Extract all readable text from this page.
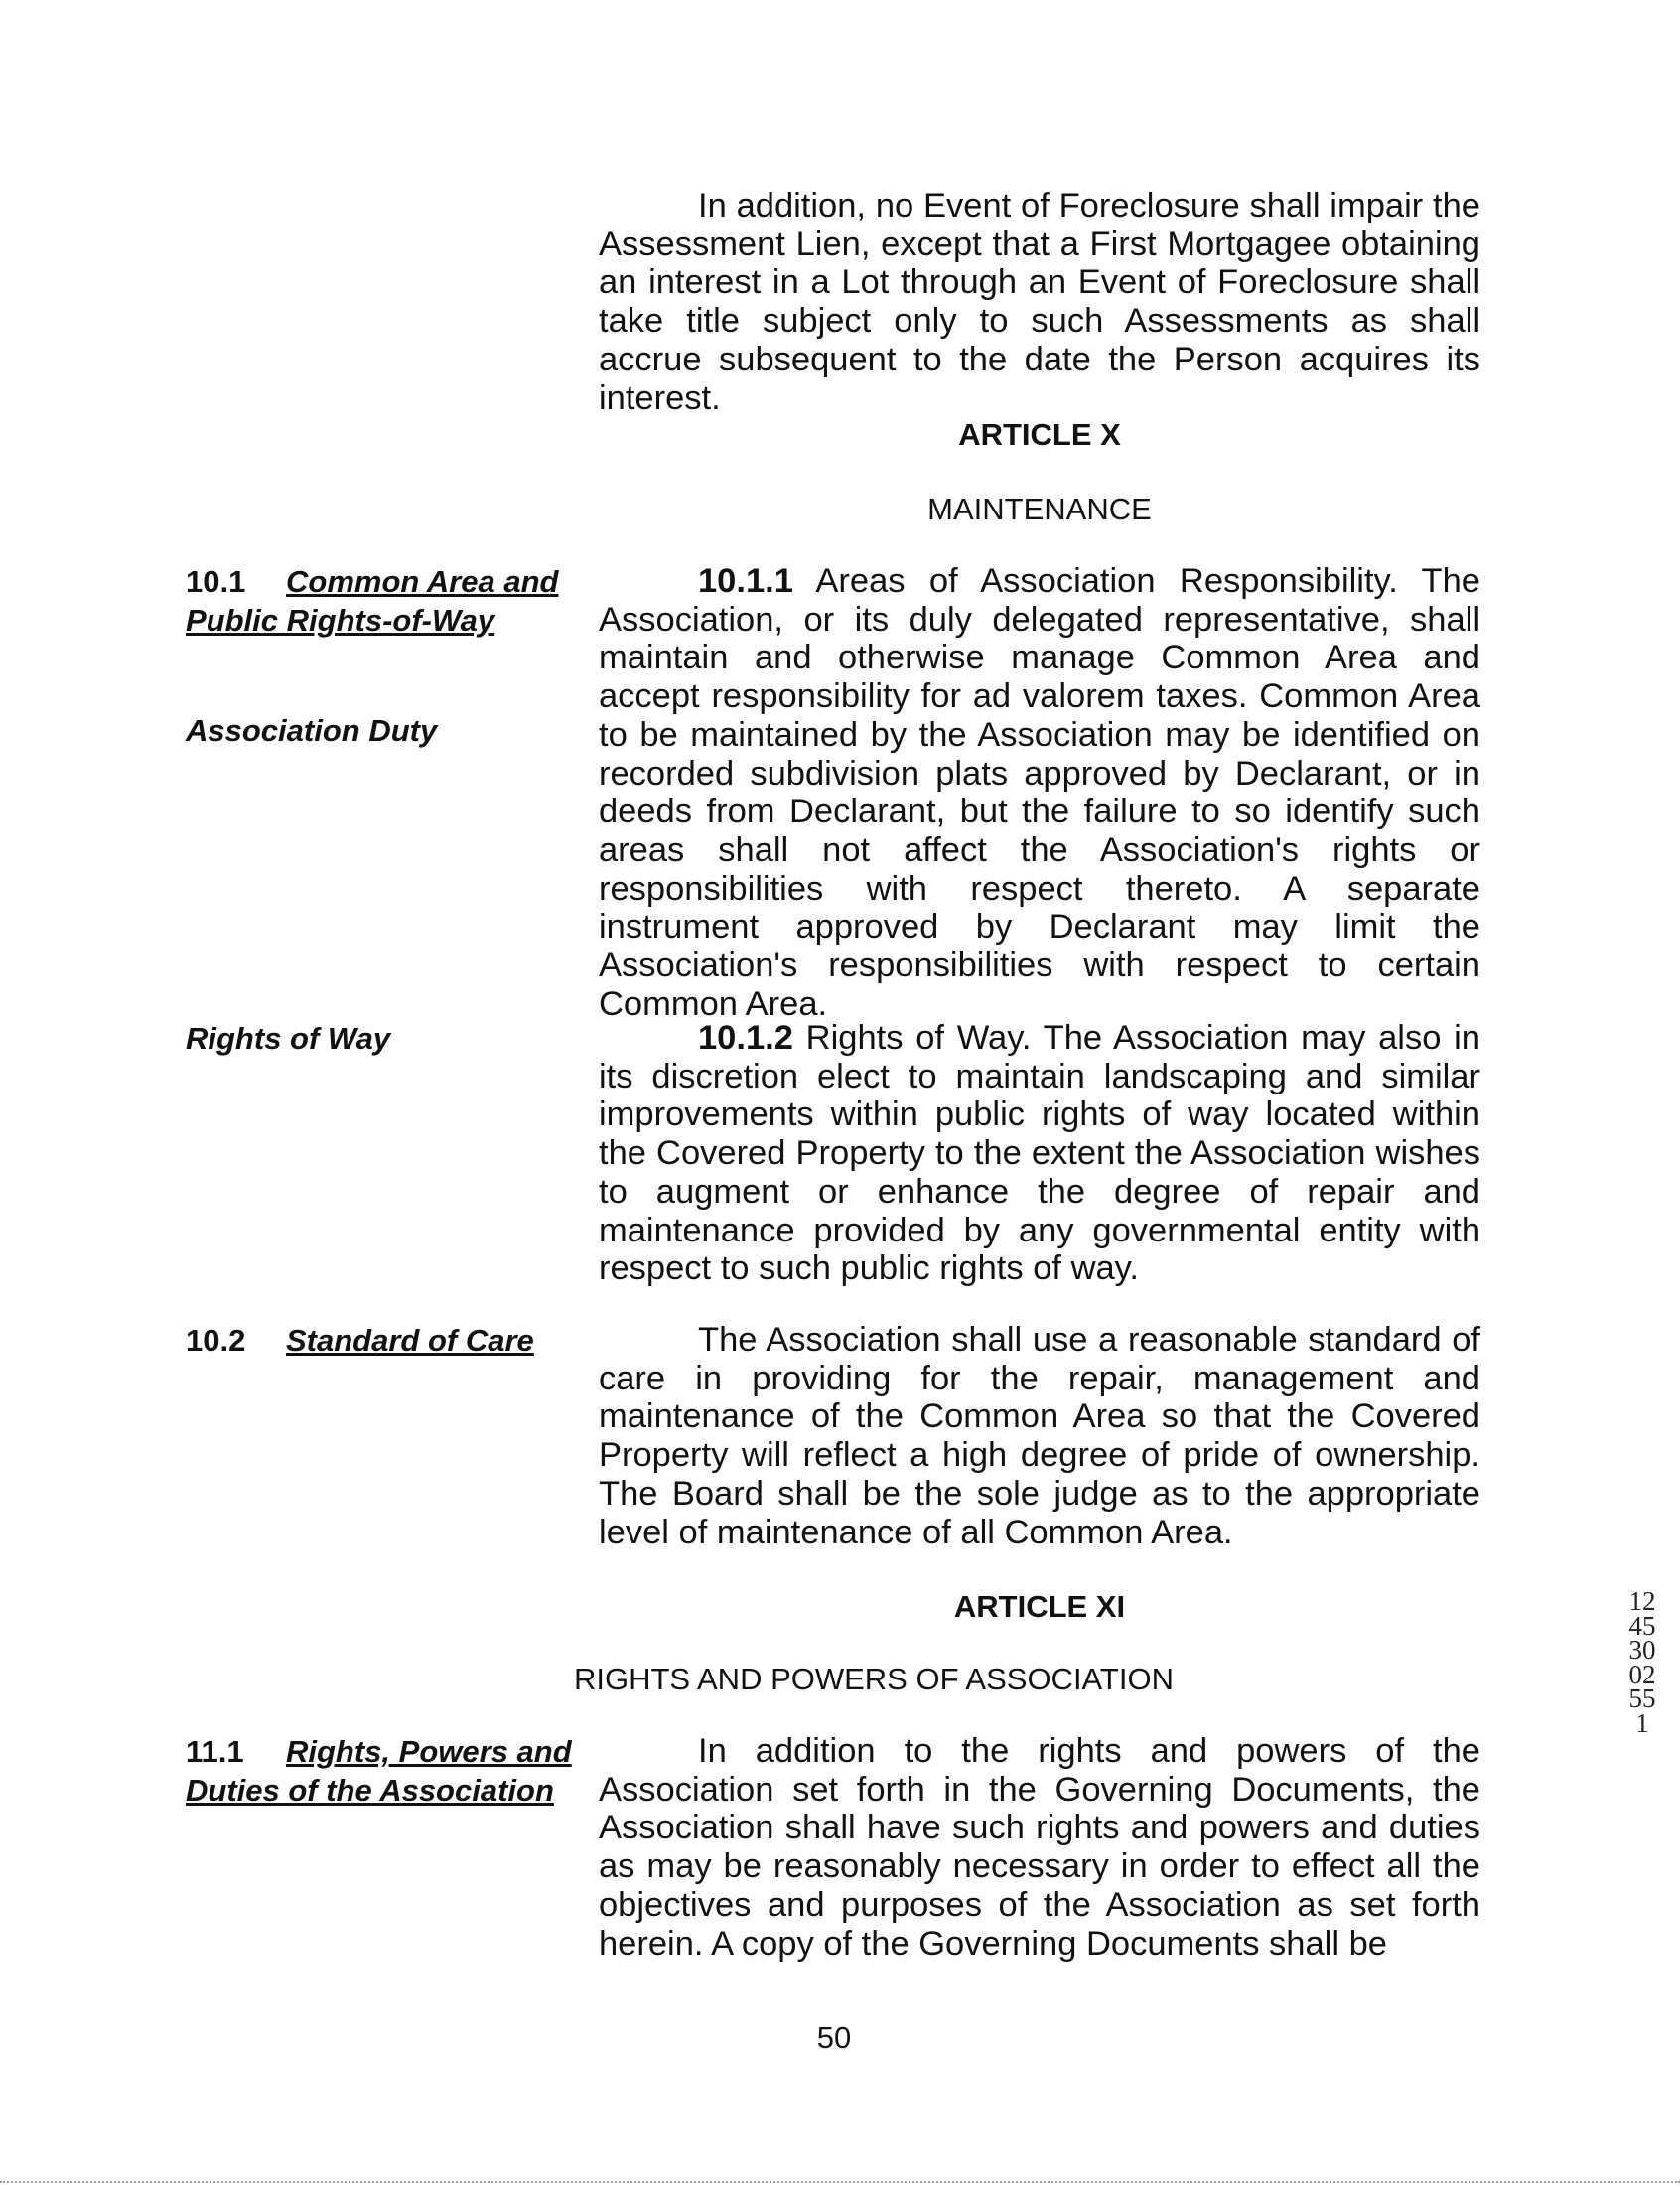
In addition, no Event of Foreclosure shall impair the Assessment Lien, except that a First Mortgagee obtaining an interest in a Lot through an Event of Foreclosure shall take title subject only to such Assessments as shall accrue subsequent to the date the Person acquires its interest.

ARTICLE X

MAINTENANCE

10.1 Common Area and Public Rights-of-Way

Association Duty

10.1.1 Areas of Association Responsibility. The Association, or its duly delegated representative, shall maintain and otherwise manage Common Area and accept responsibility for ad valorem taxes. Common Area to be maintained by the Association may be identified on recorded subdivision plats approved by Declarant, or in deeds from Declarant, but the failure to so identify such areas shall not affect the Association's rights or responsibilities with respect thereto. A separate instrument approved by Declarant may limit the Association's responsibilities with respect to certain Common Area.

Rights of Way	10.1.2 Rights of Way. The Association may also in its discretion elect to maintain landscaping and similar improvements within public rights of way located within the Covered Property to the extent the Association wishes to augment or enhance the degree of repair and maintenance provided by any governmental entity with respect to such public rights of way.

10.2 Standard of Care	The Association shall use a reasonable standard of care in providing for the repair, management and maintenance of the Common Area so that the Covered Property will reflect a high degree of pride of ownership. The Board shall be the sole judge as to the appropriate level of maintenance of all Common Area.

ARTICLE XI

RIGHTS AND POWERS OF ASSOCIATION

11.1 Rights, Powers and Duties of the Association

In addition to the rights and powers of the Association set forth in the Governing Documents, the Association shall have such rights and powers and duties as may be reasonably necessary in order to effect all the objectives and purposes of the Association as set forth herein. A copy of the Governing Documents shall be

50

124530 02551
